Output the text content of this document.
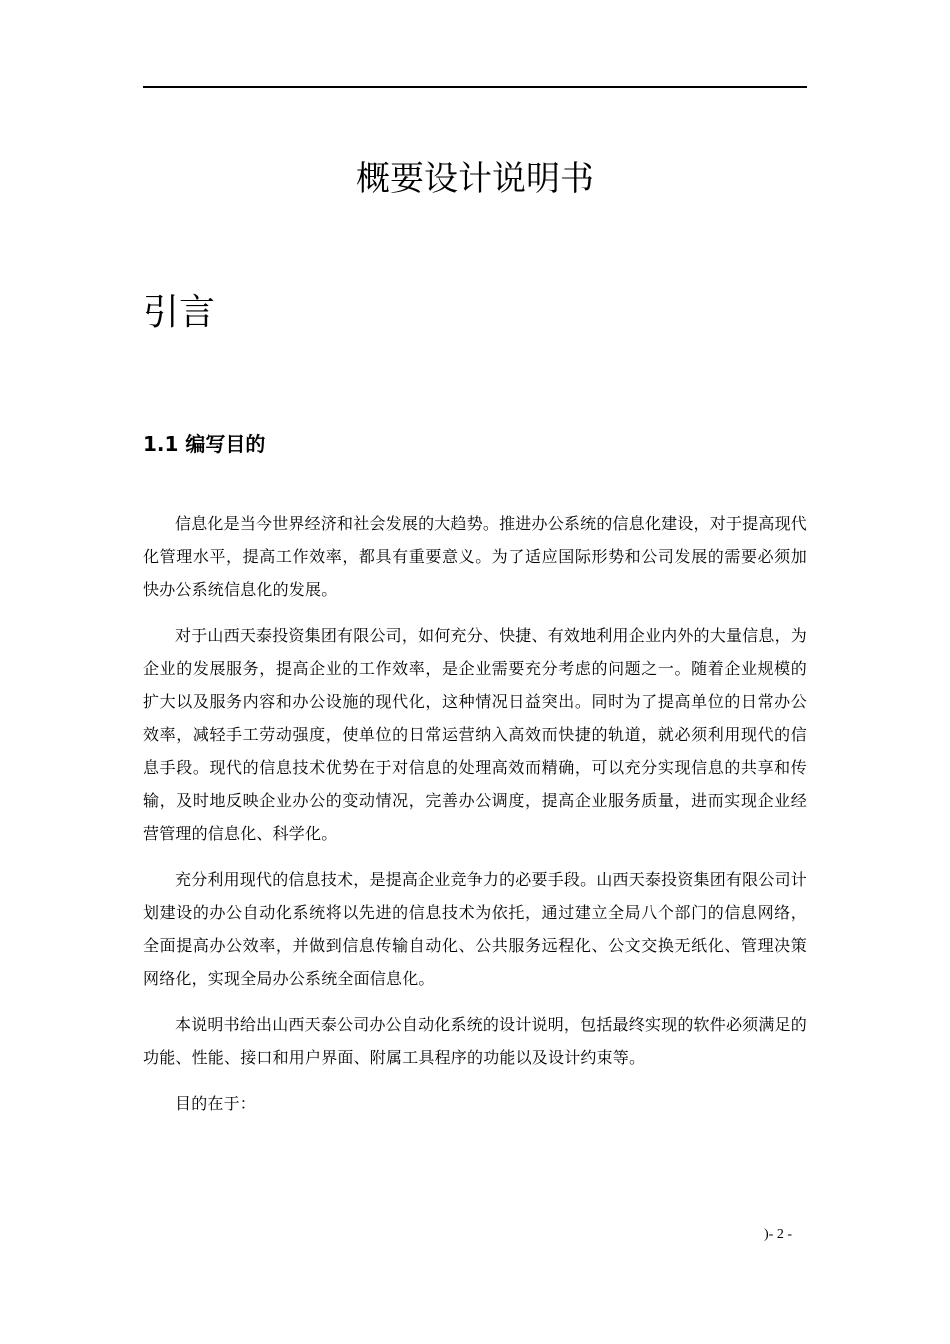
概要设计说明书
引言
1.1 编写目的

信息化是当今世界经济和社会发展的大趋势。推进办公系统的信息化建设，对于提高现代化管理水平，提高工作效率，都具有重要意义。为了适应国际形势和公司发展的需要必须加快办公系统信息化的发展。

对于山西天泰投资集团有限公司，如何充分、快捷、有效地利用企业内外的大量信息，为企业的发展服务，提高企业的工作效率，是企业需要充分考虑的问题之一。随着企业规模的扩大以及服务内容和办公设施的现代化，这种情况日益突出。同时为了提高单位的日常办公效率，减轻手工劳动强度，使单位的日常运营纳入高效而快捷的轨道，就必须利用现代的信息手段。现代的信息技术优势在于对信息的处理高效而精确，可以充分实现信息的共享和传输，及时地反映企业办公的变动情况，完善办公调度，提高企业服务质量，进而实现企业经营管理的信息化、科学化。

充分利用现代的信息技术，是提高企业竞争力的必要手段。山西天泰投资集团有限公司计划建设的办公自动化系统将以先进的信息技术为依托，通过建立全局八个部门的信息网络，全面提高办公效率，并做到信息传输自动化、公共服务远程化、公文交换无纸化、管理决策网络化，实现全局办公系统全面信息化。

本说明书给出山西天泰公司办公自动化系统的设计说明，包括最终实现的软件必须满足的功能、性能、接口和用户界面、附属工具程序的功能以及设计约束等。

目的在于：

)- 2 -
